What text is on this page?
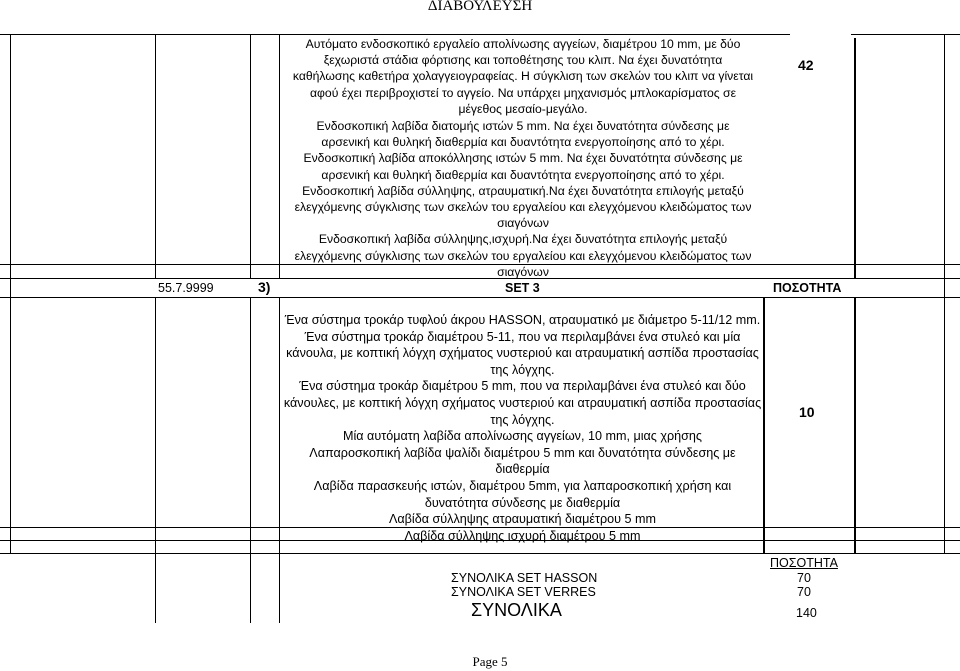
ΔΙΑΒΟΥΛΕΥΣΗ
Αυτόματο ενδοσκοπικό εργαλείο απολίνωσης αγγείων, διαμέτρου 10 mm, με δύο
ξεχωριστά στάδια φόρτισης και τοποθέτησης του κλιπ. Να έχει δυνατότητα
καθήλωσης καθετήρα χολαγγειογραφείας. Η σύγκλιση των σκελών του κλιπ να γίνεται
αφού έχει περιβροχιστεί το αγγείο. Να υπάρχει μηχανισμός μπλοκαρίσματος σε
μέγεθος μεσαίο-μεγάλο.
Ενδοσκοπική λαβίδα διατομής ιστών 5 mm. Να έχει δυνατότητα σύνδεσης με
αρσενική και θυληκή διαθερμία και δυαντότητα ενεργοποίησης από το χέρι.
Ενδοσκοπική λαβίδα αποκόλλησης ιστών 5 mm. Να έχει δυνατότητα σύνδεσης με
αρσενική και θυληκή διαθερμία και δυαντότητα ενεργοποίησης από το χέρι.
Ενδοσκοπική λαβίδα σύλληψης, ατραυματική.Να έχει δυνατότητα επιλογής μεταξύ
ελεγχόμενης σύγκλισης των σκελών του εργαλείου και ελεγχόμενου κλειδώματος των
σιαγόνων
Ενδοσκοπική λαβίδα σύλληψης,ισχυρή.Να έχει δυνατότητα επιλογής μεταξύ
ελεγχόμενης σύγκλισης των σκελών του εργαλείου και ελεγχόμενου κλειδώματος των
σιαγόνων
42
55.7.9999	3)	SET 3	ΠΟΣΟΤΗΤΑ
Ένα σύστημα τροκάρ τυφλού άκρου HASSON, ατραυματικό με διάμετρο 5-11/12 mm.
Ένα σύστημα τροκάρ διαμέτρου 5-11, που να περιλαμβάνει ένα στυλεό και μία
κάνουλα, με κοπτική λόγχη σχήματος νυστεριού και ατραυματική ασπίδα προστασίας
της λόγχης.
Ένα σύστημα τροκάρ διαμέτρου 5 mm, που να περιλαμβάνει ένα στυλεό και δύο
κάνουλες, με κοπτική λόγχη σχήματος νυστεριού και ατραυματική ασπίδα προστασίας
της λόγχης.
Μία αυτόματη λαβίδα απολίνωσης αγγείων, 10 mm, μιας χρήσης
Λαπαροσκοπική λαβίδα ψαλίδι διαμέτρου 5 mm και δυνατότητα σύνδεσης με
διαθερμία
Λαβίδα παρασκευής ιστών, διαμέτρου 5mm, για λαπαροσκοπική χρήση και
δυνατότητα σύνδεσης με διαθερμία
Λαβίδα σύλληψης ατραυματική διαμέτρου 5 mm
Λαβίδα σύλληψης ισχυρή διαμέτρου 5 mm
10
ΠΟΣΟΤΗΤΑ
ΣΥΝΟΛΙΚΑ SET HASSON	70
ΣΥΝΟΛΙΚΑ SET VERRES	70
ΣΥΝΟΛΙΚΑ	140
Page 5
